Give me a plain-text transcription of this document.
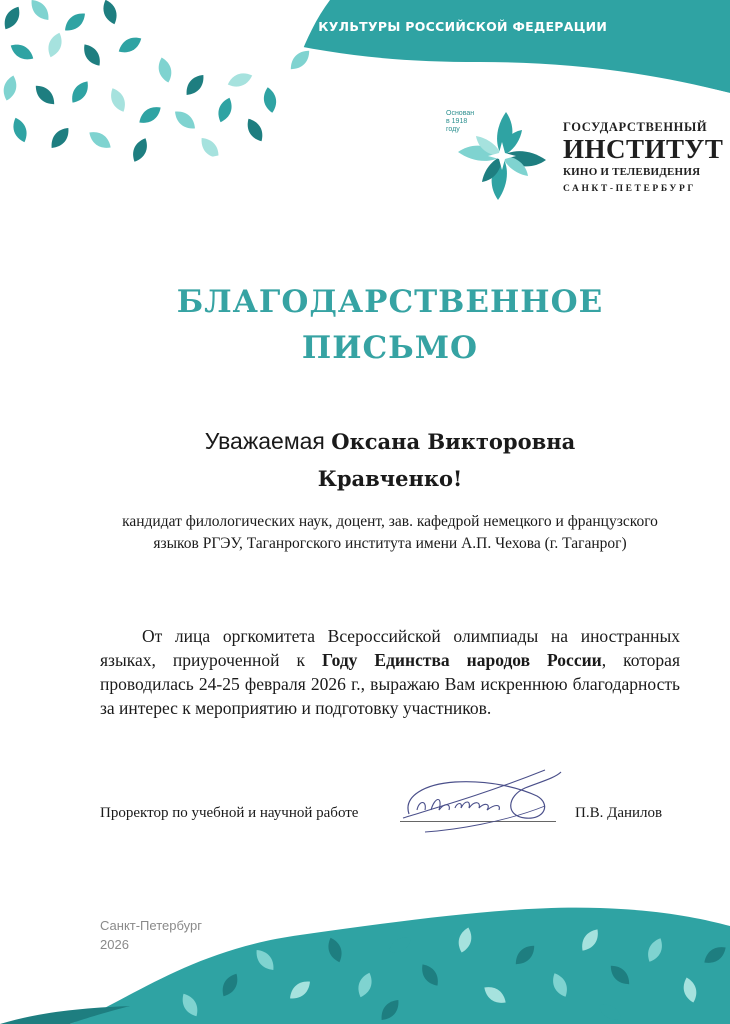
МИНИСТЕРСТВО КУЛЬТУРЫ РОССИЙСКОЙ ФЕДЕРАЦИИ
Основан
в 1918
году	ГОСУДАРСТВЕННЫЙ
ИНСТИТУТ
КИНО И ТЕЛЕВИДЕНИЯ
САНКТ-ПЕТЕРБУРГ
БЛАГОДАРСТВЕННОЕ
ПИСЬМО
Уважаемая Оксана Викторовна
Кравченко!
кандидат филологических наук, доцент, зав. кафедрой немецкого и французского языков РГЭУ, Таганрогского института имени А.П. Чехова (г. Таганрог)
От лица оргкомитета Всероссийской олимпиады на иностранных языках, приуроченной к Году Единства народов России, которая проводилась 24-25 февраля 2026 г., выражаю Вам искреннюю благодарность за интерес к мероприятию и подготовку участников.
Проректор по учебной и научной работе	П.В. Данилов
Санкт-Петербург
2026
